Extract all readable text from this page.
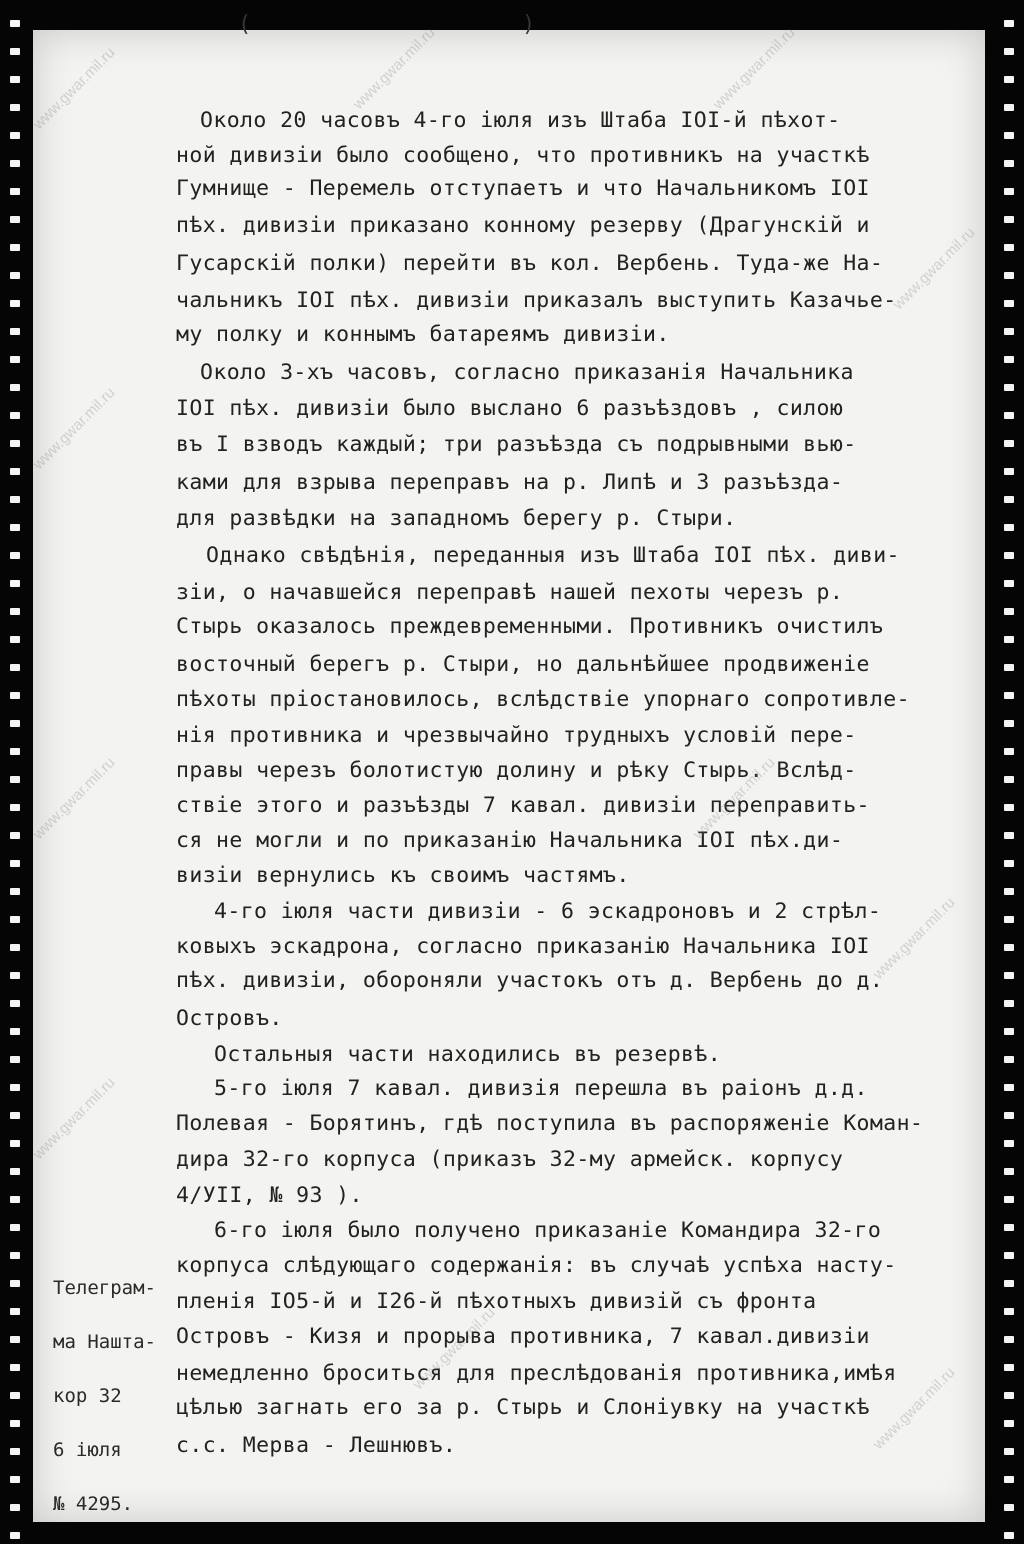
(	)
Около 20 часовъ 4-го iюля изъ Штаба IOI-й пѣхот-
ной дивизiи было сообщено, что противникъ на участкѣ
Гумнище - Перемель отступаетъ и что Начальникомъ IOI
пѣх. дивизiи приказано конному резерву (Драгунскiй и
Гусарскiй полки) перейти въ кол. Вербень. Туда-же На-
чальникъ IOI пѣх. дивизiи приказалъ выступить Казачье-
му полку и коннымъ батареямъ дивизiи.
Около 3-хъ часовъ, согласно приказанiя Начальника
IOI пѣх. дивизiи было выслано 6 разъѣздовъ , силою
въ I взводъ каждый; три разъѣзда съ подрывными вью-
ками для взрыва переправъ на р. Липѣ и 3 разъѣзда-
для развѣдки на западномъ берегу р. Стыри.
Однако свѣдѣнiя, переданныя изъ Штаба IOI пѣх. диви-
зiи, о начавшейся переправѣ нашей пехоты черезъ р.
Стырь оказалось преждевременными. Противникъ очистилъ
восточный берегъ р. Стыри, но дальнѣйшее продвиженiе
пѣхоты прiостановилось, вслѣдствiе упорнаго сопротивле-
нiя противника и чрезвычайно трудныхъ условiй пере-
правы черезъ болотистую долину и рѣку Стырь. Вслѣд-
ствiе этого и разъѣзды 7 кавал. дивизiи переправить-
ся не могли и по приказанiю Начальника IOI пѣх.ди-
визiи вернулись къ своимъ частямъ.
4-го iюля части дивизiи - 6 эскадроновъ и 2 стрѣл-
ковыхъ эскадрона, согласно приказанiю Начальника IOI
пѣх. дивизiи, обороняли участокъ отъ д. Вербень до д.
Островъ.
Остальныя части находились въ резервѣ.
5-го iюля 7 кавал. дивизiя перешла въ раiонъ д.д.
Полевая - Борятинъ, гдѣ поступила въ распоряженiе Коман-
дира 32-го корпуса (приказъ 32-му армейск. корпусу
4/УII, № 93 ).
6-го iюля было получено приказанiе Командира 32-го
корпуса слѣдующаго содержанiя: въ случаѣ успѣха насту-
пленiя IO5-й и I26-й пѣхотныхъ дивизiй съ фронта
Островъ - Кизя и прорыва противника, 7 кавал.дивизiи
немедленно броситься для преслѣдованiя противника,имѣя
цѣлью загнать его за р. Стырь и Слонiувку на участкѣ
с.с. Мерва - Лешнювъ.

Телеграм-

ма Нашта-

кор 32

6 iюля

№ 4295.

www.gwar.mil.ru	www.gwar.mil.ru	www.gwar.mil.ru
www.gwar.mil.ru
www.gwar.mil.ru
www.gwar.mil.ru	www.gwar.mil.ru
www.gwar.mil.ru
www.gwar.mil.ru
www.gwar.mil.ru
www.gwar.mil.ru
